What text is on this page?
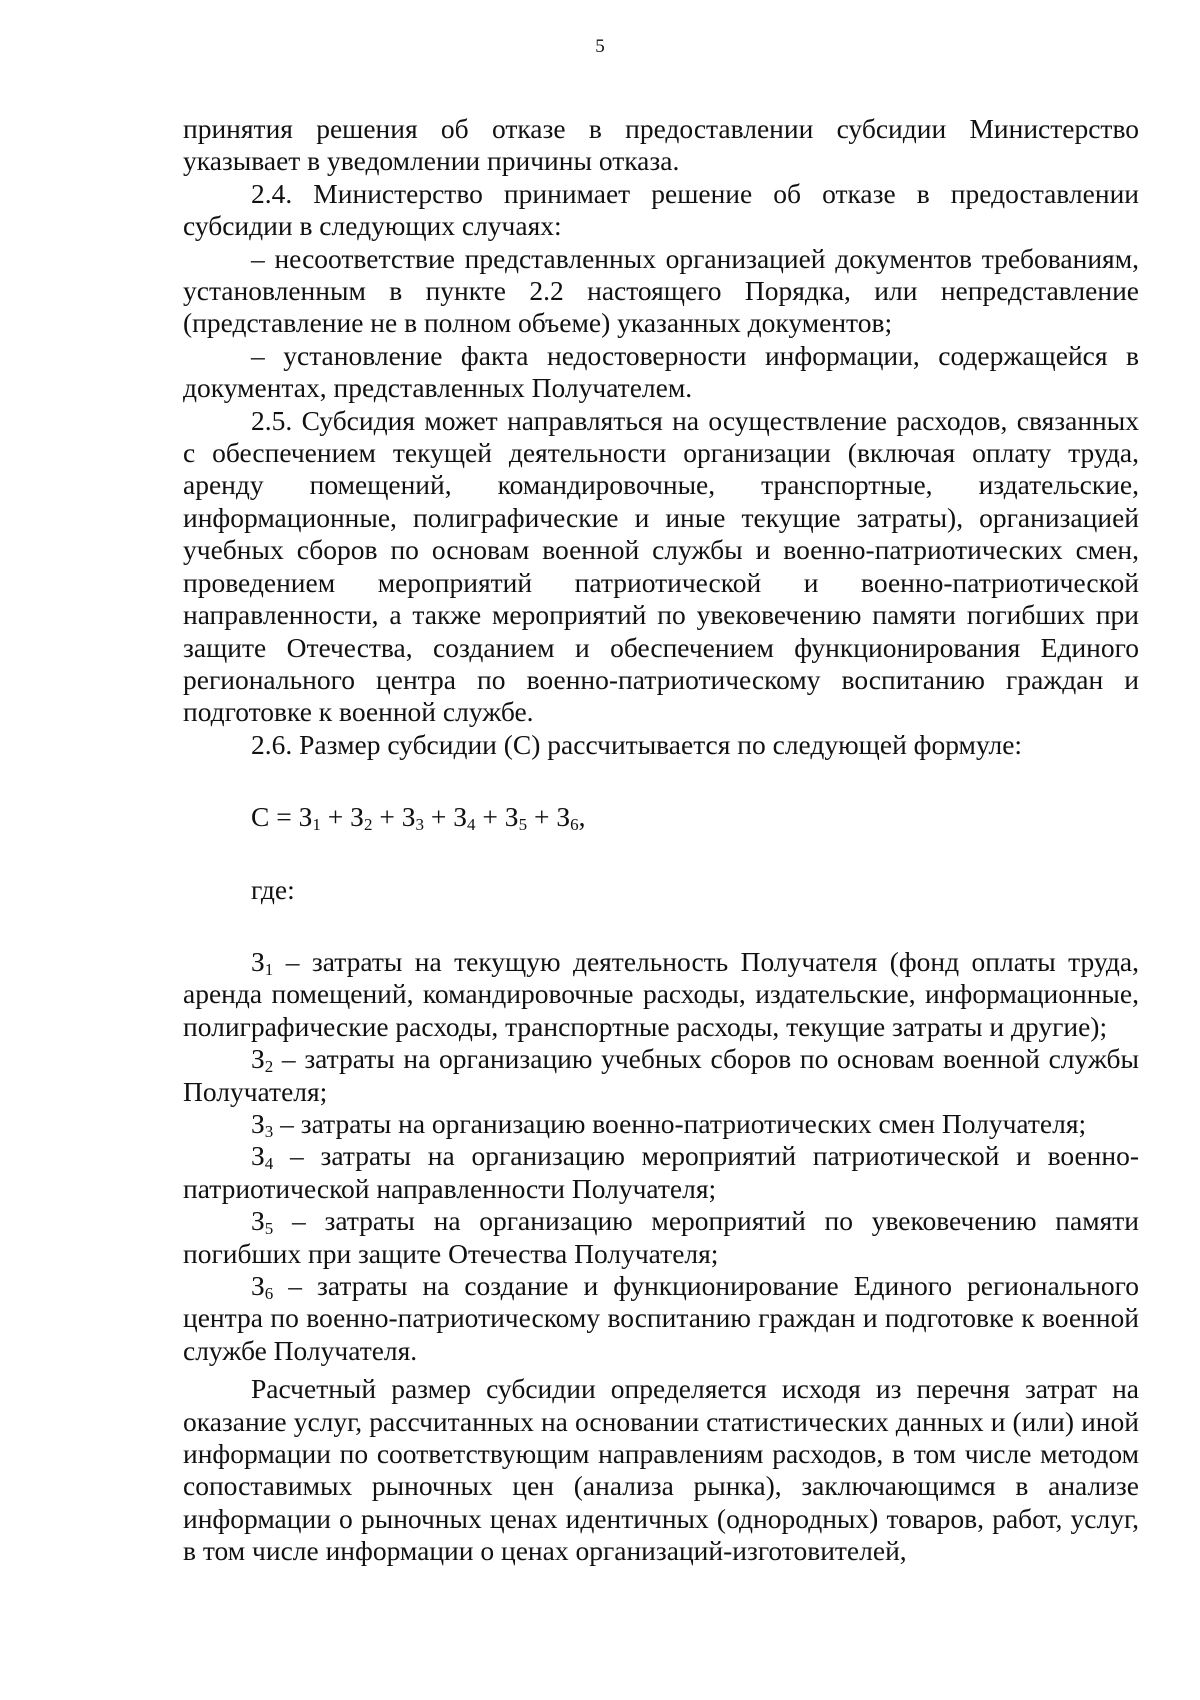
5

принятия решения об отказе в предоставлении субсидии Министерство указывает в уведомлении причины отказа.

2.4. Министерство принимает решение об отказе в предоставлении субсидии в следующих случаях:

– несоответствие представленных организацией документов требованиям, установленным в пункте 2.2 настоящего Порядка, или непредставление (представление не в полном объеме) указанных документов;

– установление факта недостоверности информации, содержащейся в документах, представленных Получателем.

2.5. Субсидия может направляться на осуществление расходов, связанных с обеспечением текущей деятельности организации (включая оплату труда, аренду помещений, командировочные, транспортные, издательские, информационные, полиграфические и иные текущие затраты), организацией учебных сборов по основам военной службы и военно-патриотических смен, проведением мероприятий патриотической и военно-патриотической направленности, а также мероприятий по увековечению памяти погибших при защите Отечества, созданием и обеспечением функционирования Единого регионального центра по военно-патриотическому воспитанию граждан и подготовке к военной службе.

2.6. Размер субсидии (С) рассчитывается по следующей формуле:

$С = З_1 + З_2 + З_3 + З_4 + З_5 + З_6$,

где:

$З_1$ – затраты на текущую деятельность Получателя (фонд оплаты труда, аренда помещений, командировочные расходы, издательские, информационные, полиграфические расходы, транспортные расходы, текущие затраты и другие);

$З_2$ – затраты на организацию учебных сборов по основам военной службы Получателя;

$З_3$ – затраты на организацию военно-патриотических смен Получателя;

$З_4$ – затраты на организацию мероприятий патриотической и военно-патриотической направленности Получателя;

$З_5$ – затраты на организацию мероприятий по увековечению памяти погибших при защите Отечества Получателя;

$З_6$ – затраты на создание и функционирование Единого регионального центра по военно-патриотическому воспитанию граждан и подготовке к военной службе Получателя.

Расчетный размер субсидии определяется исходя из перечня затрат на оказание услуг, рассчитанных на основании статистических данных и (или) иной информации по соответствующим направлениям расходов, в том числе методом сопоставимых рыночных цен (анализа рынка), заключающимся в анализе информации о рыночных ценах идентичных (однородных) товаров, работ, услуг, в том числе информации о ценах организаций-изготовителей,
